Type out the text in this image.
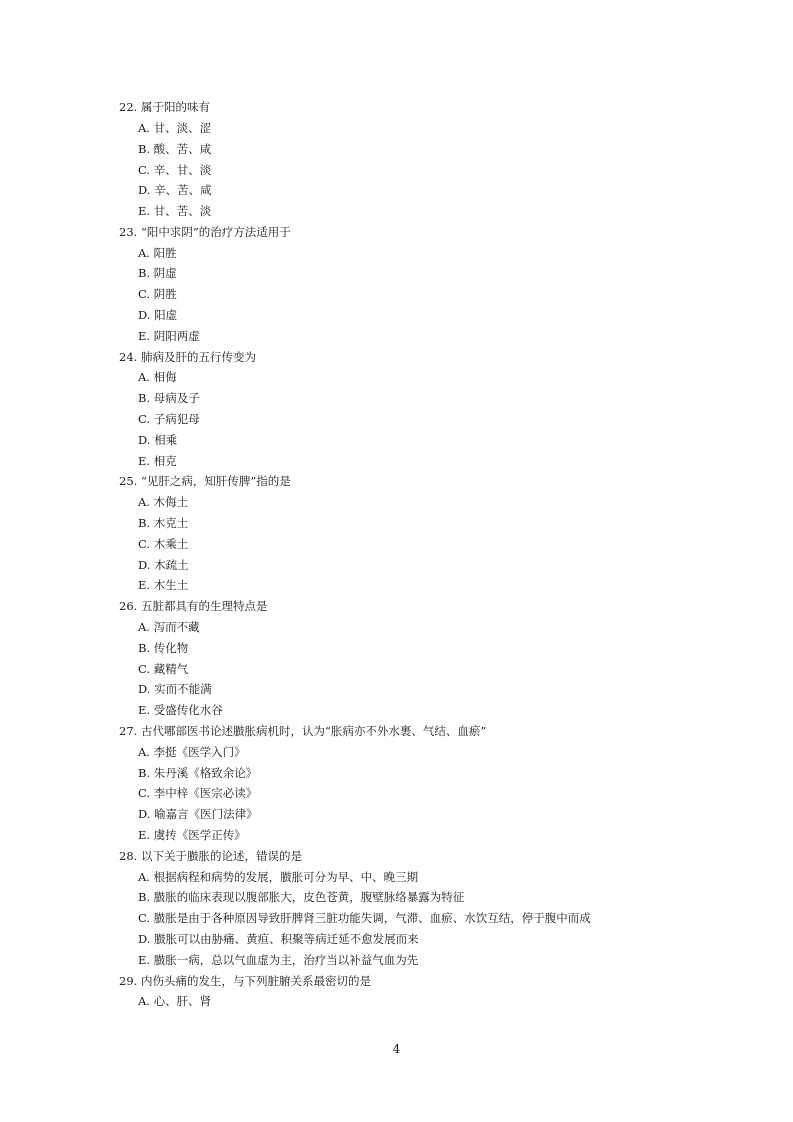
22. 属于阳的味有
A. 甘、淡、涩
B. 酸、苦、咸
C. 辛、甘、淡
D. 辛、苦、咸
E. 甘、苦、淡
23. “阳中求阴”的治疗方法适用于
A. 阳胜
B. 阴虚
C. 阴胜
D. 阳虚
E. 阴阳两虚
24. 肺病及肝的五行传变为
A. 相侮
B. 母病及子
C. 子病犯母
D. 相乘
E. 相克
25. “见肝之病，知肝传脾”指的是
A. 木侮土
B. 木克土
C. 木乘土
D. 木疏土
E. 木生土
26. 五脏都具有的生理特点是
A. 泻而不藏
B. 传化物
C. 藏精气
D. 实而不能满
E. 受盛传化水谷
27. 古代哪部医书论述臌胀病机时，认为“胀病亦不外水裹、气结、血瘀”
A. 李挺《医学入门》
B. 朱丹溪《格致余论》
C. 李中梓《医宗必读》
D. 喻嘉言《医门法律》
E. 虞抟《医学正传》
28. 以下关于臌胀的论述，错误的是
A. 根据病程和病势的发展，臌胀可分为早、中、晚三期
B. 臌胀的临床表现以腹部胀大，皮色苍黄，腹壁脉络暴露为特征
C. 臌胀是由于各种原因导致肝脾肾三脏功能失调，气滞、血瘀、水饮互结，停于腹中而成
D. 臌胀可以由胁痛、黄疸、积聚等病迁延不愈发展而来
E. 臌胀一病，总以气血虚为主，治疗当以补益气血为先
29. 内伤头痛的发生，与下列脏腑关系最密切的是
A. 心、肝、肾
4
